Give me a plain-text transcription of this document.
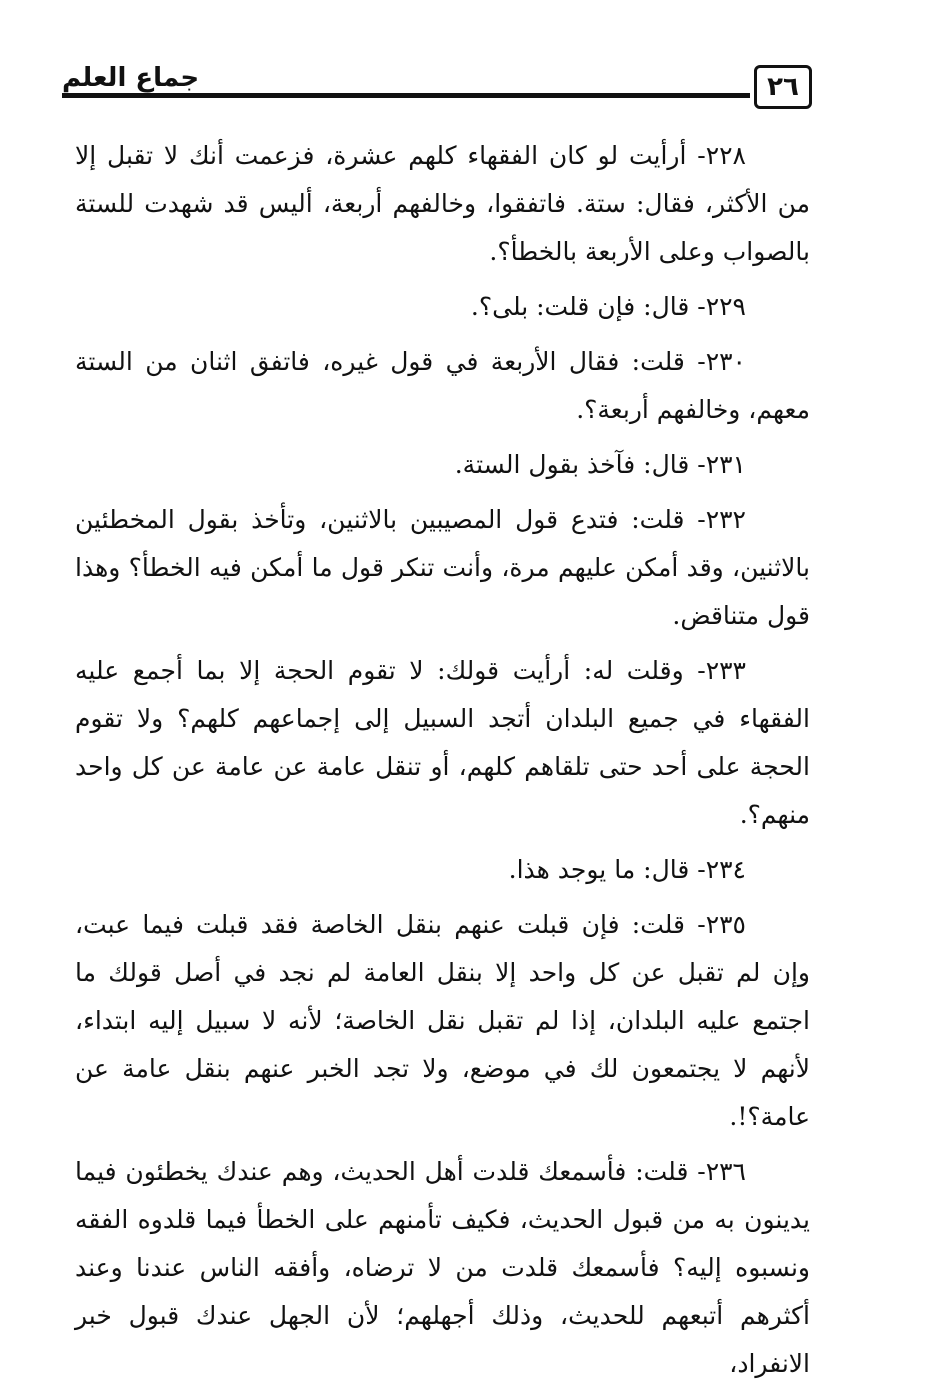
جماع العلم	٢٦

٢٢٨- أرأيت لو كان الفقهاء كلهم عشرة، فزعمت أنك لا تقبل إلا من الأكثر، فقال: ستة. فاتفقوا، وخالفهم أربعة، أليس قد شهدت للستة بالصواب وعلى الأربعة بالخطأ؟.

٢٢٩- قال: فإن قلت: بلى؟.

٢٣٠- قلت: فقال الأربعة في قول غيره، فاتفق اثنان من الستة معهم، وخالفهم أربعة؟.

٢٣١- قال: فآخذ بقول الستة.

٢٣٢- قلت: فتدع قول المصيبين بالاثنين، وتأخذ بقول المخطئين بالاثنين، وقد أمكن عليهم مرة، وأنت تنكر قول ما أمكن فيه الخطأ؟ وهذا قول متناقض.

٢٣٣- وقلت له: أرأيت قولك: لا تقوم الحجة إلا بما أجمع عليه الفقهاء في جميع البلدان أتجد السبيل إلى إجماعهم كلهم؟ ولا تقوم الحجة على أحد حتى تلقاهم كلهم، أو تنقل عامة عن عامة عن كل واحد منهم؟.

٢٣٤- قال: ما يوجد هذا.

٢٣٥- قلت: فإن قبلت عنهم بنقل الخاصة فقد قبلت فيما عبت، وإن لم تقبل عن كل واحد إلا بنقل العامة لم نجد في أصل قولك ما اجتمع عليه البلدان، إذا لم تقبل نقل الخاصة؛ لأنه لا سبيل إليه ابتداء، لأنهم لا يجتمعون لك في موضع، ولا تجد الخبر عنهم بنقل عامة عن عامة؟!.

٢٣٦- قلت: فأسمعك قلدت أهل الحديث، وهم عندك يخطئون فيما يدينون به من قبول الحديث، فكيف تأمنهم على الخطأ فيما قلدوه الفقه ونسبوه إليه؟ فأسمعك قلدت من لا ترضاه، وأفقه الناس عندنا وعند أكثرهم أتبعهم للحديث، وذلك أجهلهم؛ لأن الجهل عندك قبول خبر الانفراد،
